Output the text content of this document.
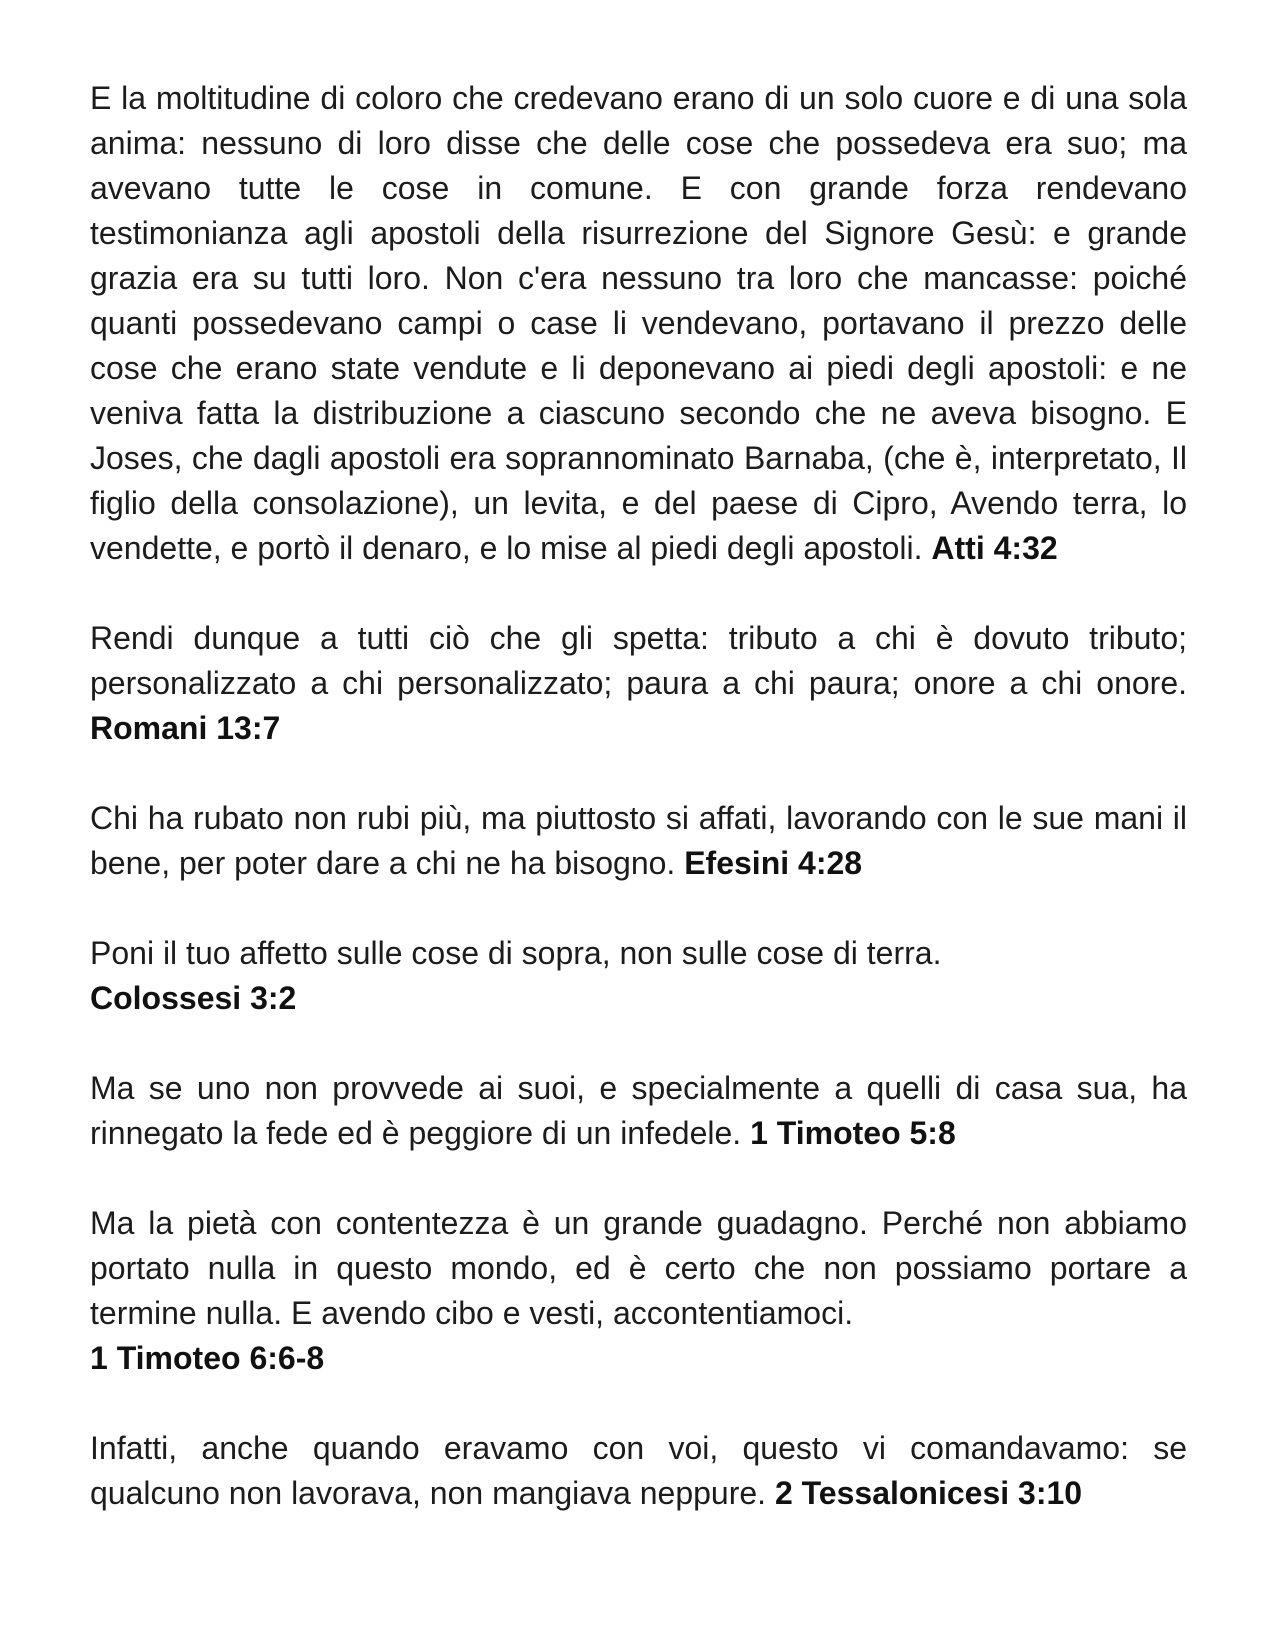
E la moltitudine di coloro che credevano erano di un solo cuore e di una sola anima: nessuno di loro disse che delle cose che possedeva era suo; ma avevano tutte le cose in comune. E con grande forza rendevano testimonianza agli apostoli della risurrezione del Signore Gesù: e grande grazia era su tutti loro. Non c'era nessuno tra loro che mancasse: poiché quanti possedevano campi o case li vendevano, portavano il prezzo delle cose che erano state vendute e li deponevano ai piedi degli apostoli: e ne veniva fatta la distribuzione a ciascuno secondo che ne aveva bisogno. E Joses, che dagli apostoli era soprannominato Barnaba, (che è, interpretato, Il figlio della consolazione), un levita, e del paese di Cipro, Avendo terra, lo vendette, e portò il denaro, e lo mise al piedi degli apostoli. Atti 4:32

Rendi dunque a tutti ciò che gli spetta: tributo a chi è dovuto tributo; personalizzato a chi personalizzato; paura a chi paura; onore a chi onore. Romani 13:7

Chi ha rubato non rubi più, ma piuttosto si affati, lavorando con le sue mani il bene, per poter dare a chi ne ha bisogno. Efesini 4:28

Poni il tuo affetto sulle cose di sopra, non sulle cose di terra.
Colossesi 3:2

Ma se uno non provvede ai suoi, e specialmente a quelli di casa sua, ha rinnegato la fede ed è peggiore di un infedele. 1 Timoteo 5:8

Ma la pietà con contentezza è un grande guadagno. Perché non abbiamo portato nulla in questo mondo, ed è certo che non possiamo portare a termine nulla. E avendo cibo e vesti, accontentiamoci.
1 Timoteo 6:6-8

Infatti, anche quando eravamo con voi, questo vi comandavamo: se qualcuno non lavorava, non mangiava neppure. 2 Tessalonicesi 3:10
